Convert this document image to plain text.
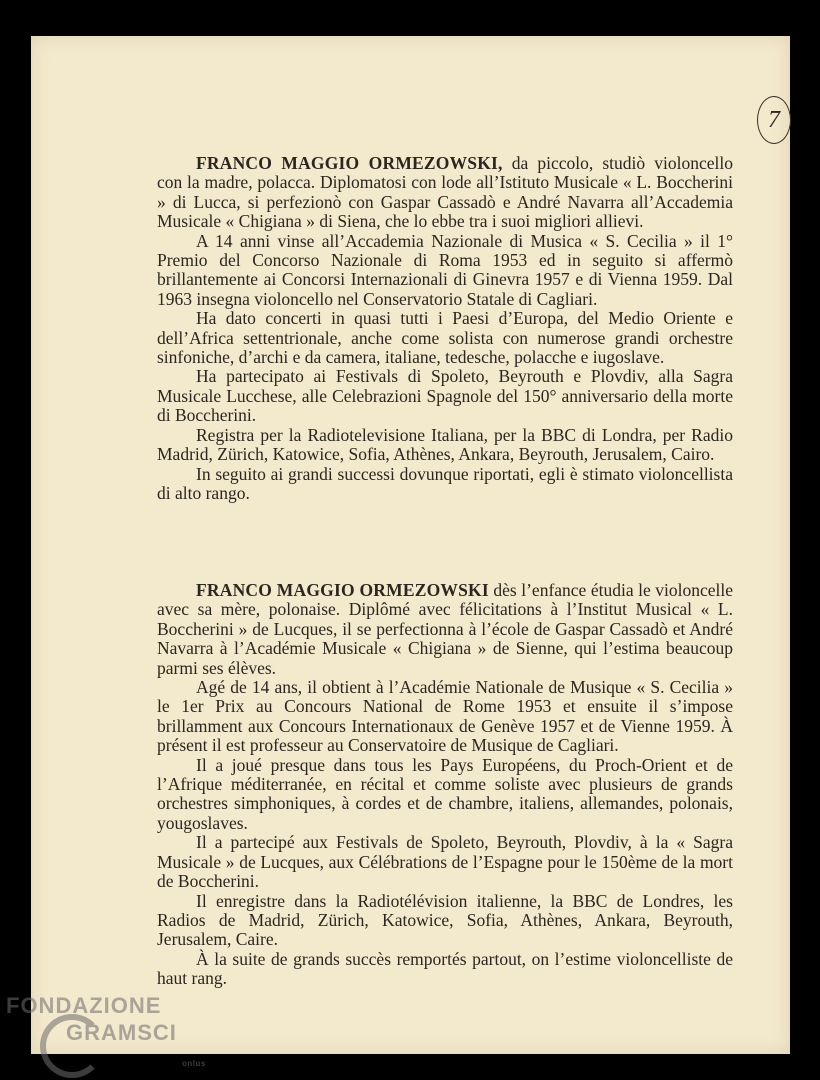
7

FRANCO MAGGIO ORMEZOWSKI, da piccolo, studiò violoncello con la madre, polacca. Diplomatosi con lode all’Istituto Musicale « L. Boccherini » di Lucca, si perfezionò con Gaspar Cassadò e André Navarra all’Accademia Musicale « Chigiana » di Siena, che lo ebbe tra i suoi migliori allievi.

A 14 anni vinse all’Accademia Nazionale di Musica « S. Cecilia » il 1° Premio del Concorso Nazionale di Roma 1953 ed in seguito si affermò brillantemente ai Concorsi Internazionali di Ginevra 1957 e di Vienna 1959. Dal 1963 insegna violoncello nel Conservatorio Statale di Cagliari.

Ha dato concerti in quasi tutti i Paesi d’Europa, del Medio Oriente e dell’Africa settentrionale, anche come solista con numerose grandi orchestre sinfoniche, d’archi e da camera, italiane, tedesche, polacche e iugoslave.

Ha partecipato ai Festivals di Spoleto, Beyrouth e Plovdiv, alla Sagra Musicale Lucchese, alle Celebrazioni Spagnole del 150° anniversario della morte di Boccherini.

Registra per la Radiotelevisione Italiana, per la BBC di Londra, per Radio Madrid, Zürich, Katowice, Sofia, Athènes, Ankara, Beyrouth, Jerusalem, Cairo.

In seguito ai grandi successi dovunque riportati, egli è stimato violoncellista di alto rango.

FRANCO MAGGIO ORMEZOWSKI dès l’enfance étudia le violoncelle avec sa mère, polonaise. Diplômé avec félicitations à l’Institut Musical « L. Boccherini » de Lucques, il se perfectionna à l’école de Gaspar Cassadò et André Navarra à l’Académie Musicale « Chigiana » de Sienne, qui l’estima beaucoup parmi ses élèves.

Agé de 14 ans, il obtient à l’Académie Nationale de Musique « S. Cecilia » le 1er Prix au Concours National de Rome 1953 et ensuite il s’impose brillamment aux Concours Internationaux de Genève 1957 et de Vienne 1959. À présent il est professeur au Conservatoire de Musique de Cagliari.

Il a joué presque dans tous les Pays Européens, du Proch-Orient et de l’Afrique méditerranée, en récital et comme soliste avec plusieurs de grands orchestres simphoniques, à cordes et de chambre, italiens, allemandes, polonais, yougoslaves.

Il a partecipé aux Festivals de Spoleto, Beyrouth, Plovdiv, à la « Sagra Musicale » de Lucques, aux Célébrations de l’Espagne pour le 150ème de la mort de Boccherini.

Il enregistre dans la Radiotélévision italienne, la BBC de Londres, les Radios de Madrid, Zürich, Katowice, Sofia, Athènes, Ankara, Beyrouth, Jerusalem, Caire.

À la suite de grands succès remportés partout, on l’estime violoncelliste de haut rang.

FONDAZIONE
GRAMSCI
onlus
